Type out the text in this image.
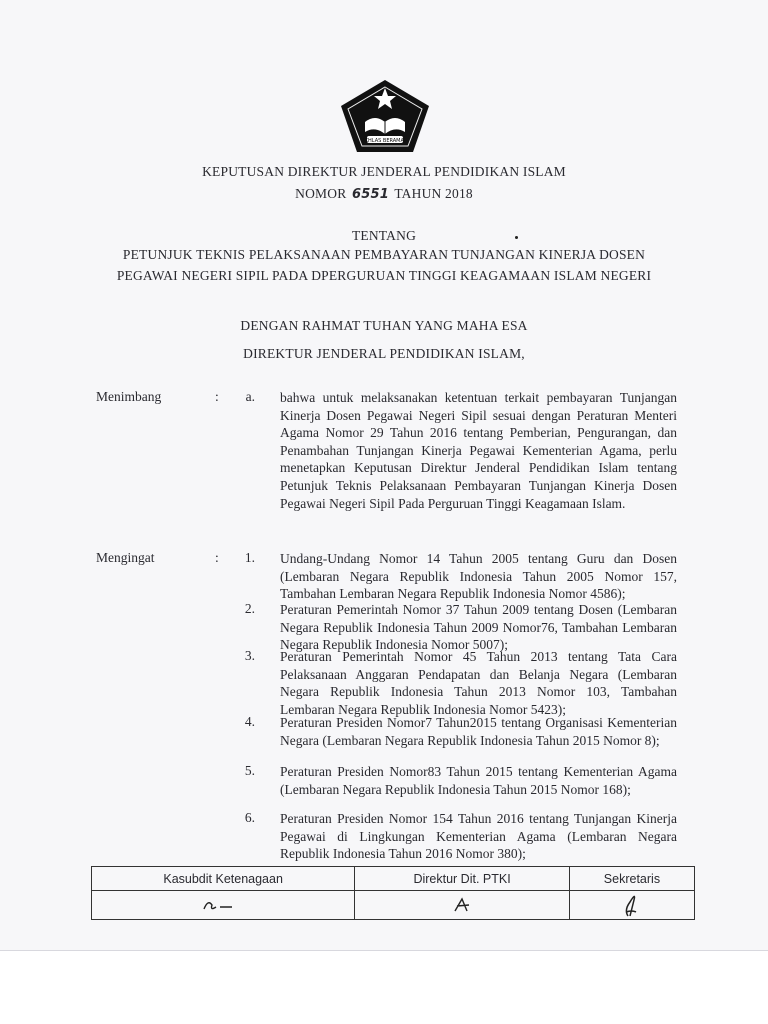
IKHLAS BERAMAL
KEPUTUSAN DIREKTUR JENDERAL PENDIDIKAN ISLAM
NOMOR 6551 TAHUN 2018
TENTANG
PETUNJUK TEKNIS PELAKSANAAN PEMBAYARAN TUNJANGAN KINERJA DOSEN
PEGAWAI NEGERI SIPIL PADA DPERGURUAN TINGGI KEAGAMAAN ISLAM NEGERI
DENGAN RAHMAT TUHAN YANG MAHA ESA
DIREKTUR JENDERAL PENDIDIKAN ISLAM,
Menimbang	:	a. bahwa untuk melaksanakan ketentuan terkait pembayaran Tunjangan Kinerja Dosen Pegawai Negeri Sipil sesuai dengan Peraturan Menteri Agama Nomor 29 Tahun 2016 tentang Pemberian, Pengurangan, dan Penambahan Tunjangan Kinerja Pegawai Kementerian Agama, perlu menetapkan Keputusan Direktur Jenderal Pendidikan Islam tentang Petunjuk Teknis Pelaksanaan Pembayaran Tunjangan Kinerja Dosen Pegawai Negeri Sipil Pada Perguruan Tinggi Keagamaan Islam.

Mengingat	:	1. Undang-Undang Nomor 14 Tahun 2005 tentang Guru dan Dosen (Lembaran Negara Republik Indonesia Tahun 2005 Nomor 157, Tambahan Lembaran Negara Republik Indonesia Nomor 4586);

2. Peraturan Pemerintah Nomor 37 Tahun 2009 tentang Dosen (Lembaran Negara Republik Indonesia Tahun 2009 Nomor76, Tambahan Lembaran Negara Republik Indonesia Nomor 5007);

3. Peraturan Pemerintah Nomor 45 Tahun 2013 tentang Tata Cara Pelaksanaan Anggaran Pendapatan dan Belanja Negara (Lembaran Negara Republik Indonesia Tahun 2013 Nomor 103, Tambahan Lembaran Negara Republik Indonesia Nomor 5423);

4. Peraturan Presiden Nomor7 Tahun2015 tentang Organisasi Kementerian Negara (Lembaran Negara Republik Indonesia Tahun 2015 Nomor 8);

5. Peraturan Presiden Nomor83 Tahun 2015 tentang Kementerian Agama (Lembaran Negara Republik Indonesia Tahun 2015 Nomor 168);

6. Peraturan Presiden Nomor 154 Tahun 2016 tentang Tunjangan Kinerja Pegawai di Lingkungan Kementerian Agama (Lembaran Negara Republik Indonesia Tahun 2016 Nomor 380);

Kasubdit Ketenagaan	Direktur Dit. PTKI	Sekretaris
